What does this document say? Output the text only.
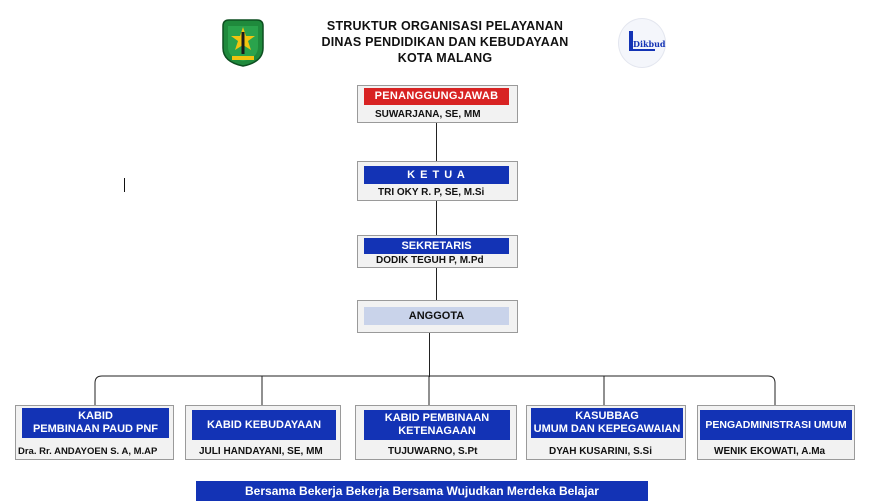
STRUKTUR ORGANISASI PELAYANAN
DINAS PENDIDIKAN DAN KEBUDAYAAN
KOTA MALANG
Dikbud
PENANGGUNGJAWAB
SUWARJANA, SE, MM
K E T U A
TRI OKY R. P, SE, M.Si
SEKRETARIS
DODIK TEGUH P, M.Pd
ANGGOTA
KABID
PEMBINAAN PAUD PNF
Dra. Rr. ANDAYOEN S. A, M.AP
KABID KEBUDAYAAN
JULI HANDAYANI, SE, MM
KABID PEMBINAAN
KETENAGAAN
TUJUWARNO, S.Pt
KASUBBAG
UMUM DAN KEPEGAWAIAN
DYAH KUSARINI, S.Si
PENGADMINISTRASI UMUM
WENIK EKOWATI, A.Ma
Bersama Bekerja Bekerja Bersama Wujudkan Merdeka Belajar
